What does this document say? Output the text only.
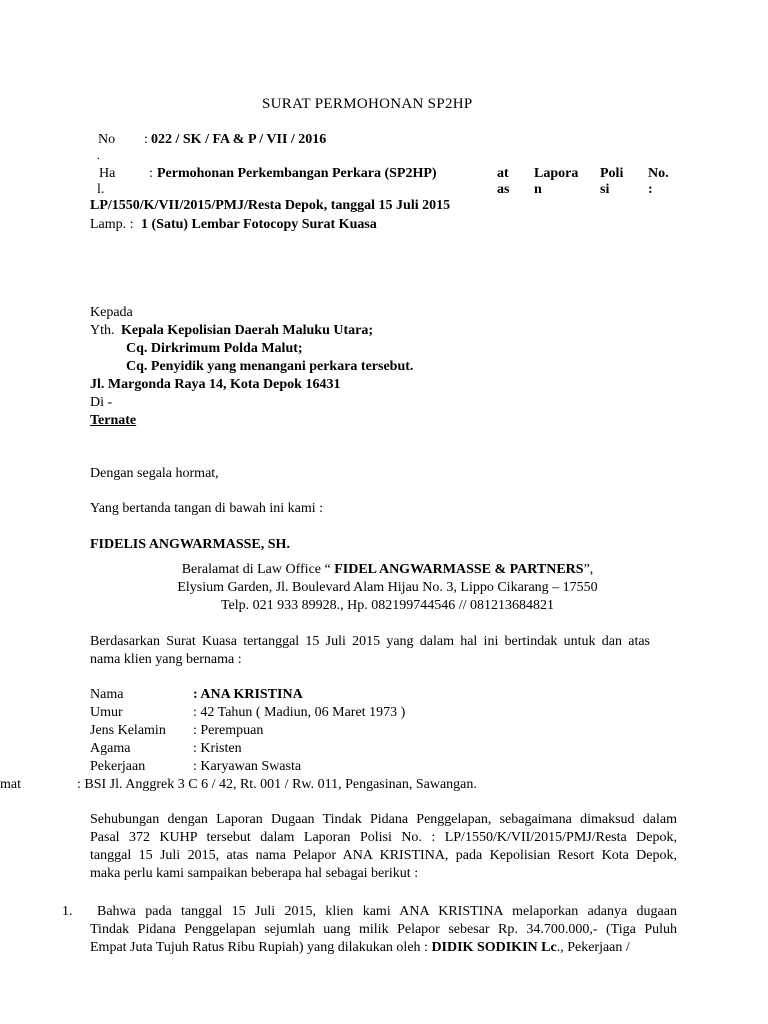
SURAT PERMOHONAN SP2HP
No : 022 / SK / FA & P / VII / 2016
.
Ha
l.
: Permohonan Perkembangan Perkara (SP2HP)	at
as
Lapora
n
Poli
si
No.
:
LP/1550/K/VII/2015/PMJ/Resta Depok, tanggal 15 Juli 2015
Lamp. : 1 (Satu) Lembar Fotocopy Surat Kuasa
Kepada
Yth. Kepala Kepolisian Daerah Maluku Utara;
Cq. Dirkrimum Polda Malut;
Cq. Penyidik yang menangani perkara tersebut.
Jl. Margonda Raya 14, Kota Depok 16431
Di -
Ternate
Dengan segala hormat,
Yang bertanda tangan di bawah ini kami :
FIDELIS ANGWARMASSE, SH.
Beralamat di Law Office “ FIDEL ANGWARMASSE & PARTNERS”,
Elysium Garden, Jl. Boulevard Alam Hijau No. 3, Lippo Cikarang – 17550
Telp. 021 933 89928., Hp. 082199744546 // 081213684821
Berdasarkan Surat Kuasa tertanggal 15 Juli 2015 yang dalam hal ini bertindak untuk dan atas
nama klien yang bernama :
Nama	: ANA KRISTINA
Umur	: 42 Tahun ( Madiun, 06 Maret 1973 )
Jens Kelamin : Perempuan
Agama	: Kristen
Pekerjaan	: Karyawan Swasta
mat	: BSI Jl. Anggrek 3 C 6 / 42, Rt. 001 / Rw. 011, Pengasinan, Sawangan.
Sehubungan dengan Laporan Dugaan Tindak Pidana Penggelapan, sebagaimana dimaksud dalam
Pasal 372 KUHP tersebut dalam Laporan Polisi No. : LP/1550/K/VII/2015/PMJ/Resta Depok,
tanggal 15 Juli 2015, atas nama Pelapor ANA KRISTINA, pada Kepolisian Resort Kota Depok,
maka perlu kami sampaikan beberapa hal sebagai berikut :
1. Bahwa pada tanggal 15 Juli 2015, klien kami ANA KRISTINA melaporkan adanya dugaan
Tindak Pidana Penggelapan sejumlah uang milik Pelapor sebesar Rp. 34.700.000,- (Tiga Puluh
Empat Juta Tujuh Ratus Ribu Rupiah) yang dilakukan oleh : DIDIK SODIKIN Lc., Pekerjaan /
